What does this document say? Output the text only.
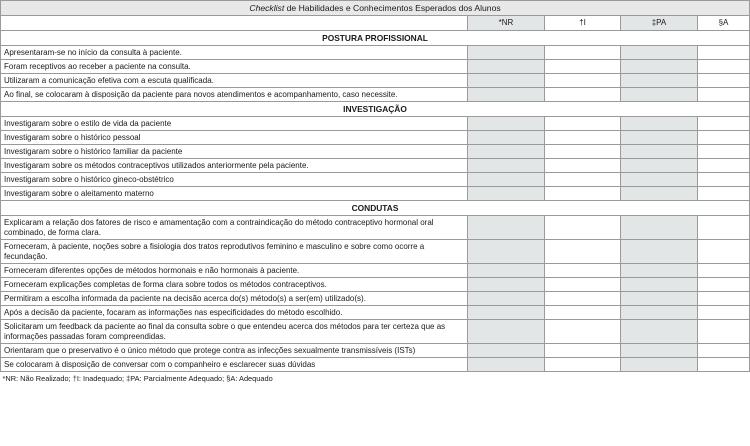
Checklist de Habilidades e Conhecimentos Esperados dos Alunos				
	*NR	†I	‡PA	§A
POSTURA PROFISSIONAL				
Apresentaram-se no início da consulta à paciente.				
Foram receptivos ao receber a paciente na consulta.				
Utilizaram a comunicação efetiva com a escuta qualificada.				
Ao final, se colocaram à disposição da paciente para novos atendimentos e acompanhamento, caso necessite.				
INVESTIGAÇÃO				
Investigaram sobre o estilo de vida da paciente				
Investigaram sobre o histórico pessoal				
Investigaram sobre o histórico familiar da paciente				
Investigaram sobre os métodos contraceptivos utilizados anteriormente pela paciente.				
Investigaram sobre o histórico gineco-obstétrico				
Investigaram sobre o aleitamento materno				
CONDUTAS				
Explicaram a relação dos fatores de risco e amamentação com a contraindicação do método contraceptivo hormonal oral combinado, de forma clara.				
Forneceram, à paciente, noções sobre a fisiologia dos tratos reprodutivos feminino e masculino e sobre como ocorre a fecundação.				
Forneceram diferentes opções de métodos hormonais e não hormonais à paciente.				
Forneceram explicações completas de forma clara sobre todos os métodos contraceptivos.				
Permitiram a escolha informada da paciente na decisão acerca do(s) método(s) a ser(em) utilizado(s).				
Após a decisão da paciente, focaram as informações nas especificidades do método escolhido.				
Solicitaram um feedback da paciente ao final da consulta sobre o que entendeu acerca dos métodos para ter certeza que as informações passadas foram compreendidas.				
Orientaram que o preservativo é o único método que protege contra as infecções sexualmente transmissíveis (ISTs)				
Se colocaram à disposição de conversar com o companheiro e esclarecer suas dúvidas				
*NR: Não Realizado; †I: Inadequado; ‡PA: Parcialmente Adequado; §A: Adequado				
